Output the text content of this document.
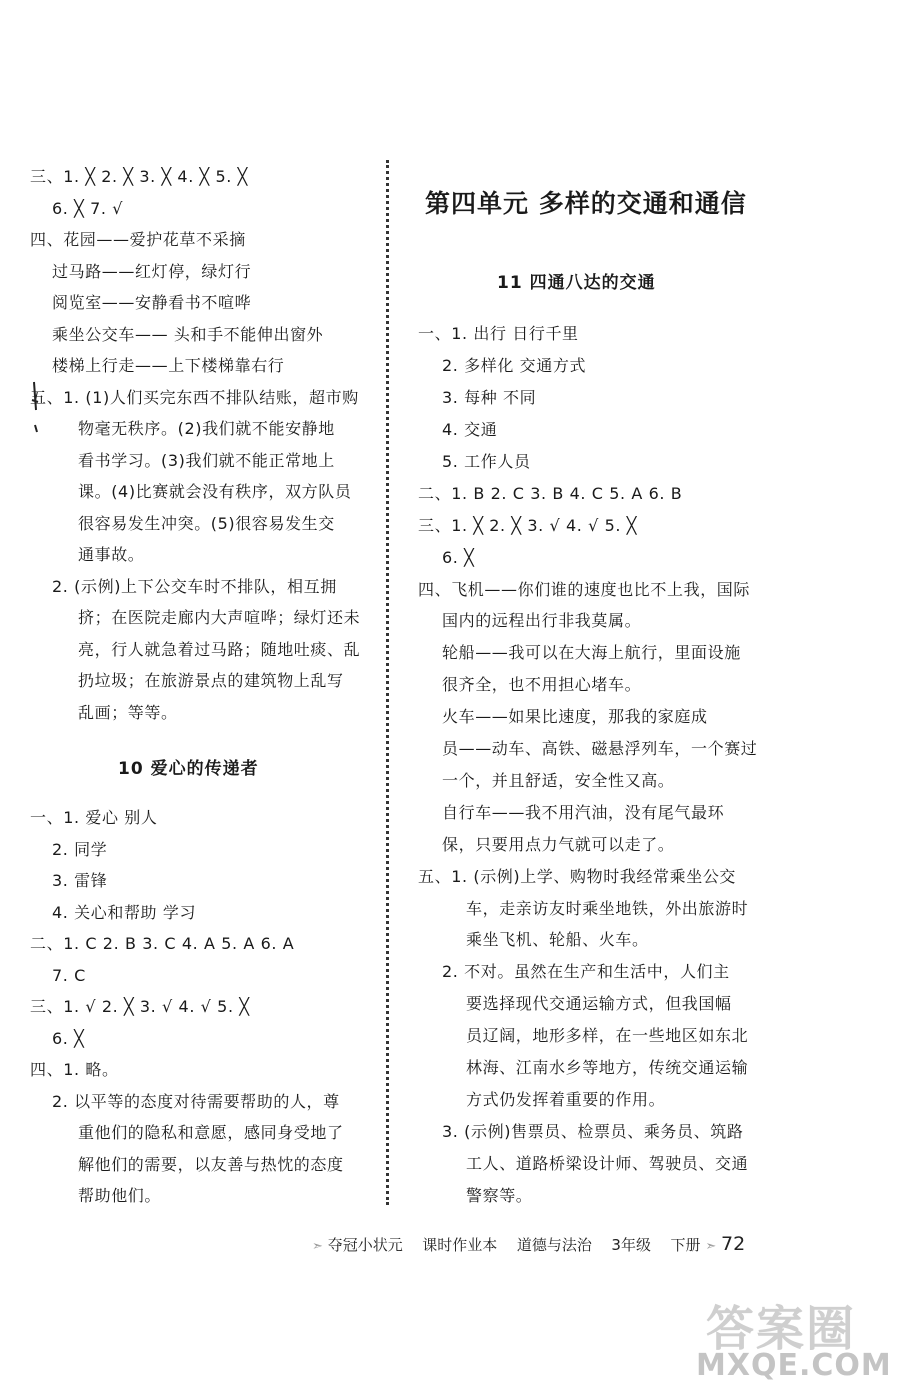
三、1. ╳ 2. ╳ 3. ╳ 4. ╳ 5. ╳
6. ╳ 7. √
四、花园——爱护花草不采摘
过马路——红灯停，绿灯行
阅览室——安静看书不喧哗
乘坐公交车—— 头和手不能伸出窗外
楼梯上行走——上下楼梯靠右行
五、1. (1)人们买完东西不排队结账，超市购
物毫无秩序。(2)我们就不能安静地
看书学习。(3)我们就不能正常地上
课。(4)比赛就会没有秩序，双方队员
很容易发生冲突。(5)很容易发生交
通事故。
2. (示例)上下公交车时不排队，相互拥
挤；在医院走廊内大声喧哗；绿灯还未
亮，行人就急着过马路；随地吐痰、乱
扔垃圾；在旅游景点的建筑物上乱写
乱画；等等。
10 爱心的传递者
一、1. 爱心 别人
2. 同学
3. 雷锋
4. 关心和帮助 学习
二、1. C 2. B 3. C 4. A 5. A 6. A
7. C
三、1. √ 2. ╳ 3. √ 4. √ 5. ╳
6. ╳
四、1. 略。
2. 以平等的态度对待需要帮助的人，尊
重他们的隐私和意愿，感同身受地了
解他们的需要，以友善与热忱的态度
帮助他们。
第四单元 多样的交通和通信
11 四通八达的交通
一、1. 出行 日行千里
2. 多样化 交通方式
3. 每种 不同
4. 交通
5. 工作人员
二、1. B 2. C 3. B 4. C 5. A 6. B
三、1. ╳ 2. ╳ 3. √ 4. √ 5. ╳
6. ╳
四、飞机——你们谁的速度也比不上我，国际
国内的远程出行非我莫属。
轮船——我可以在大海上航行，里面设施
很齐全，也不用担心堵车。
火车——如果比速度，那我的家庭成
员——动车、高铁、磁悬浮列车，一个赛过
一个，并且舒适，安全性又高。
自行车——我不用汽油，没有尾气最环
保，只要用点力气就可以走了。
五、1. (示例)上学、购物时我经常乘坐公交
车，走亲访友时乘坐地铁，外出旅游时
乘坐飞机、轮船、火车。
2. 不对。虽然在生产和生活中，人们主
要选择现代交通运输方式，但我国幅
员辽阔，地形多样，在一些地区如东北
林海、江南水乡等地方，传统交通运输
方式仍发挥着重要的作用。
3. (示例)售票员、检票员、乘务员、筑路
工人、道路桥梁设计师、驾驶员、交通
警察等。
➣ 夺冠小状元 课时作业本 道德与法治 3年级 下册 ➣ 72
答案圈
MXQE.COM
